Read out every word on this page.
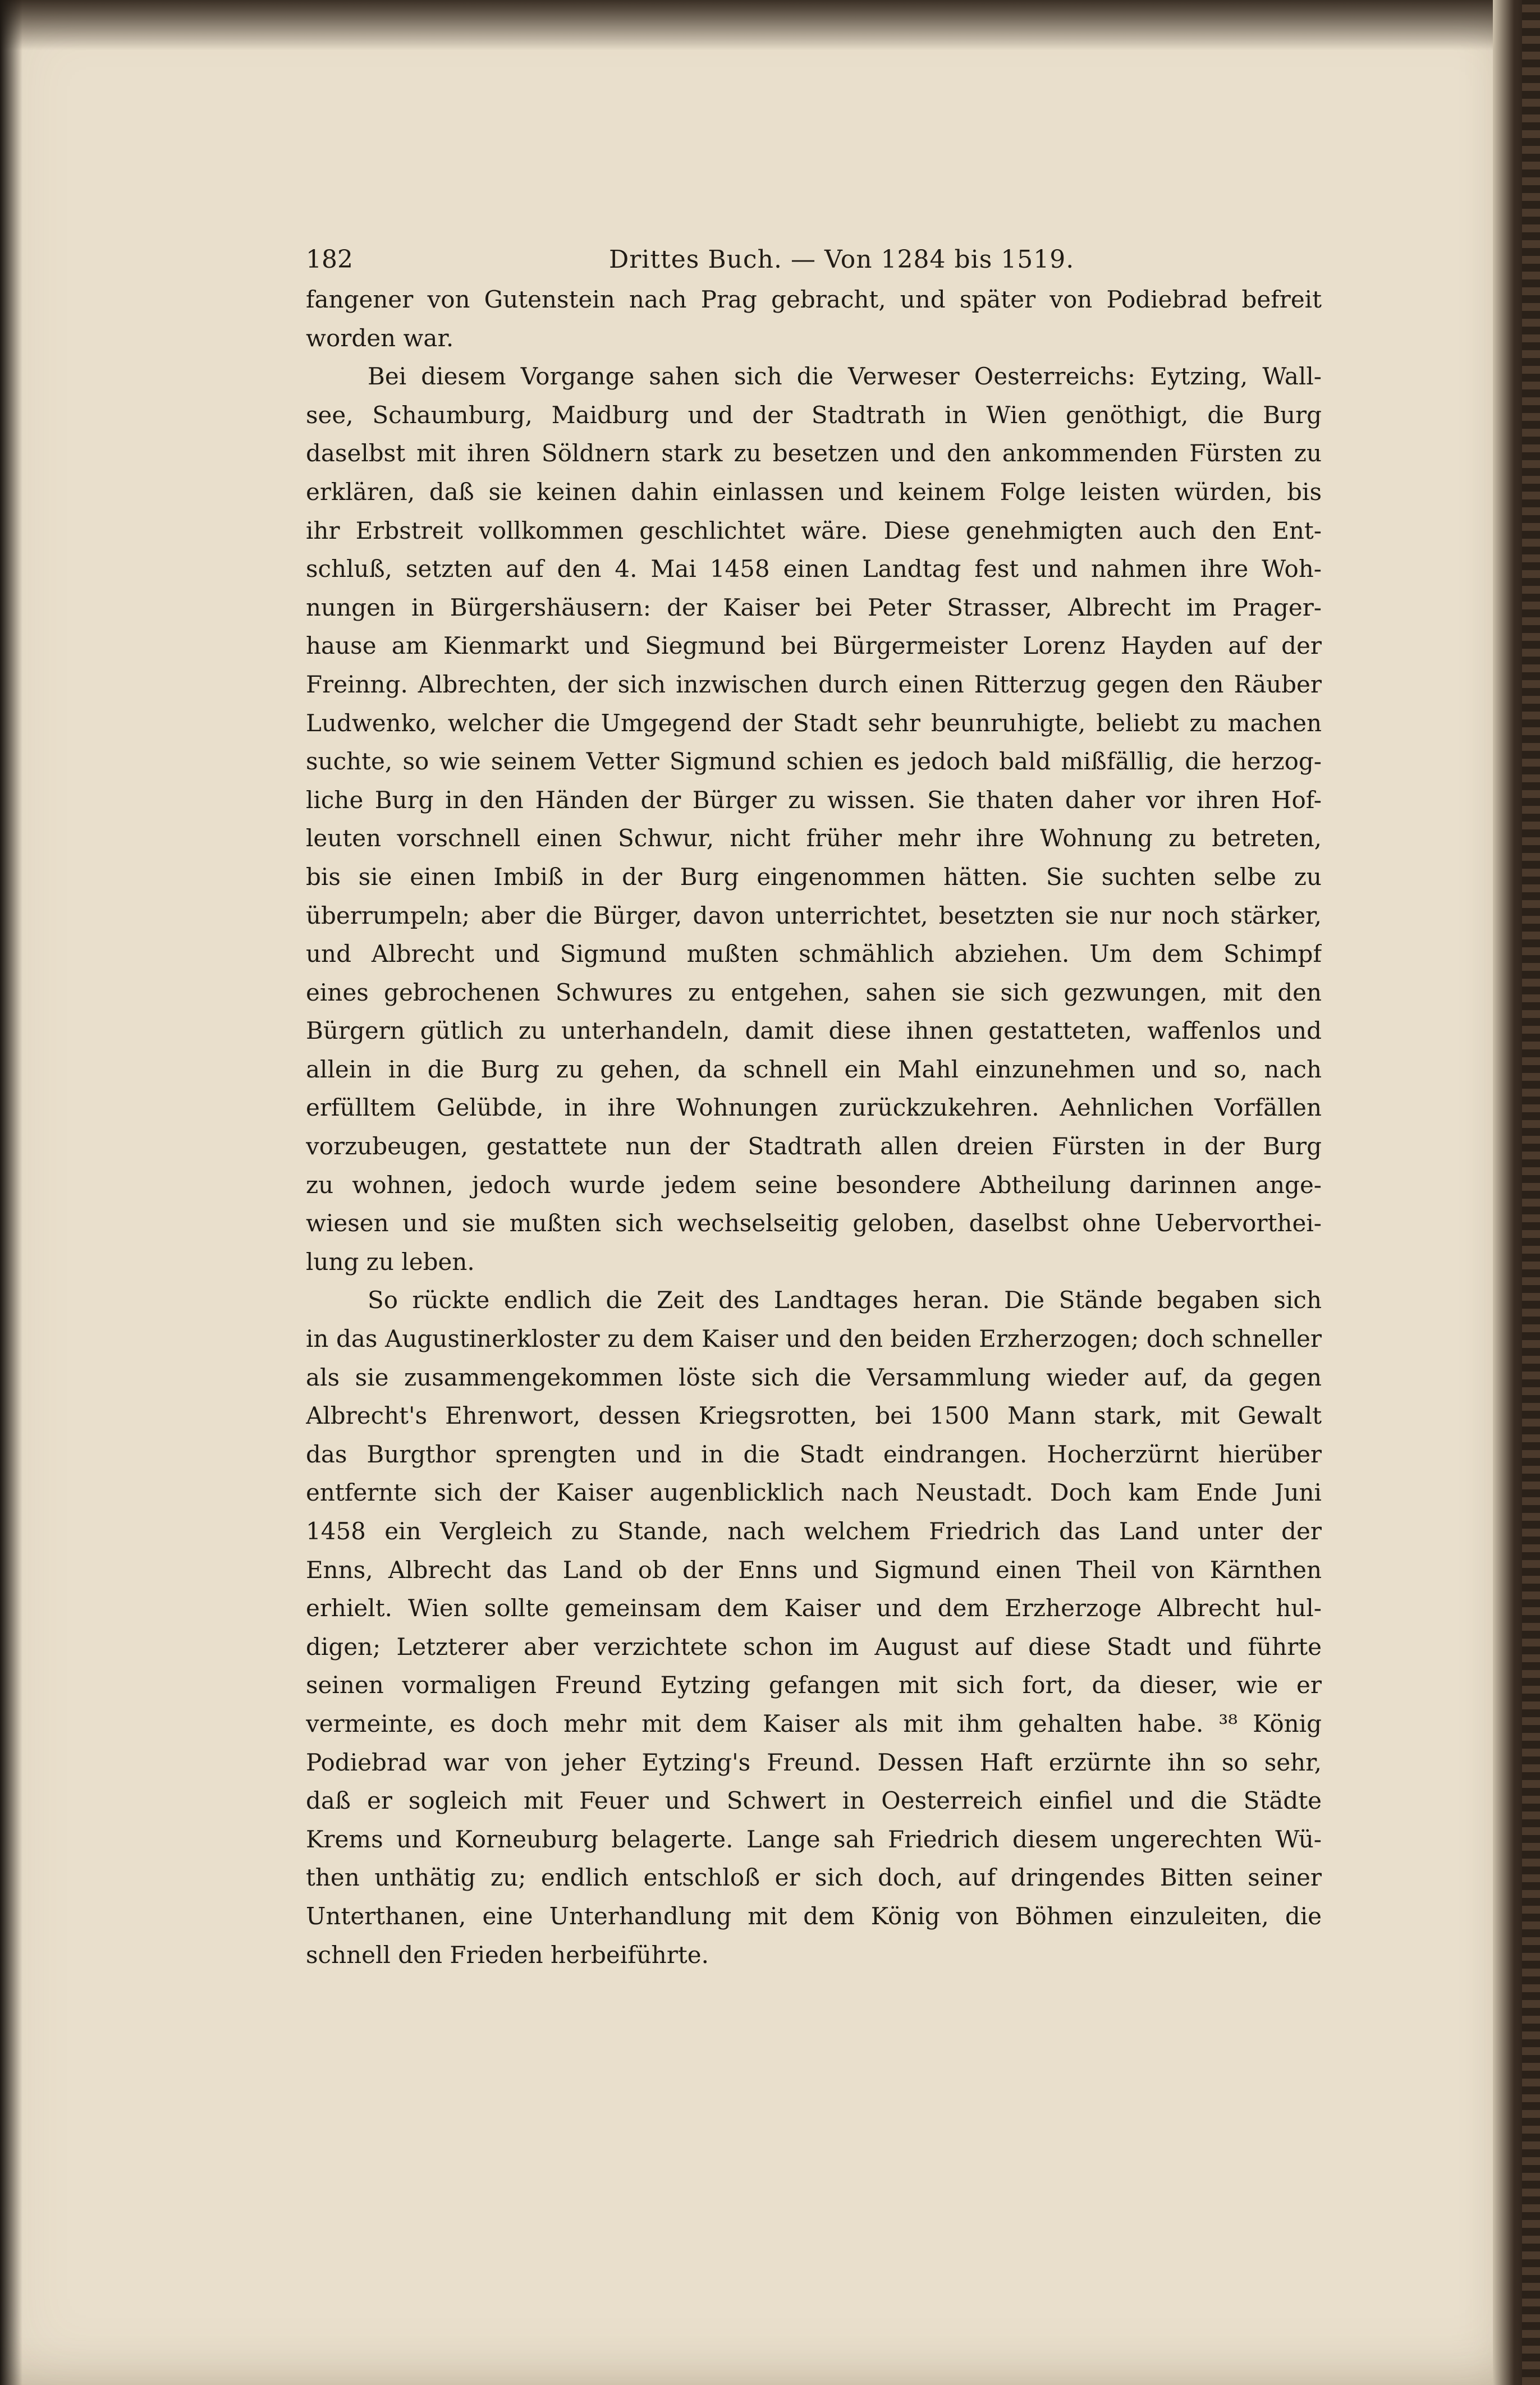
182	Drittes Buch. — Von 1284 bis 1519.
fangener von Gutenstein nach Prag gebracht, und später von Podiebrad befreit
worden war.
Bei diesem Vorgange sahen sich die Verweser Oesterreichs: Eytzing, Wall-
see, Schaumburg, Maidburg und der Stadtrath in Wien genöthigt, die Burg
daselbst mit ihren Söldnern stark zu besetzen und den ankommenden Fürsten zu
erklären, daß sie keinen dahin einlassen und keinem Folge leisten würden, bis
ihr Erbstreit vollkommen geschlichtet wäre. Diese genehmigten auch den Ent-
schluß, setzten auf den 4. Mai 1458 einen Landtag fest und nahmen ihre Woh-
nungen in Bürgershäusern: der Kaiser bei Peter Strasser, Albrecht im Prager-
hause am Kienmarkt und Siegmund bei Bürgermeister Lorenz Hayden auf der
Freinng. Albrechten, der sich inzwischen durch einen Ritterzug gegen den Räuber
Ludwenko, welcher die Umgegend der Stadt sehr beunruhigte, beliebt zu machen
suchte, so wie seinem Vetter Sigmund schien es jedoch bald mißfällig, die herzog-
liche Burg in den Händen der Bürger zu wissen. Sie thaten daher vor ihren Hof-
leuten vorschnell einen Schwur, nicht früher mehr ihre Wohnung zu betreten,
bis sie einen Imbiß in der Burg eingenommen hätten. Sie suchten selbe zu
überrumpeln; aber die Bürger, davon unterrichtet, besetzten sie nur noch stärker,
und Albrecht und Sigmund mußten schmählich abziehen. Um dem Schimpf
eines gebrochenen Schwures zu entgehen, sahen sie sich gezwungen, mit den
Bürgern gütlich zu unterhandeln, damit diese ihnen gestatteten, waffenlos und
allein in die Burg zu gehen, da schnell ein Mahl einzunehmen und so, nach
erfülltem Gelübde, in ihre Wohnungen zurückzukehren. Aehnlichen Vorfällen
vorzubeugen, gestattete nun der Stadtrath allen dreien Fürsten in der Burg
zu wohnen, jedoch wurde jedem seine besondere Abtheilung darinnen ange-
wiesen und sie mußten sich wechselseitig geloben, daselbst ohne Uebervorthei-
lung zu leben.
So rückte endlich die Zeit des Landtages heran. Die Stände begaben sich
in das Augustinerkloster zu dem Kaiser und den beiden Erzherzogen; doch schneller
als sie zusammengekommen löste sich die Versammlung wieder auf, da gegen
Albrecht's Ehrenwort, dessen Kriegsrotten, bei 1500 Mann stark, mit Gewalt
das Burgthor sprengten und in die Stadt eindrangen. Hocherzürnt hierüber
entfernte sich der Kaiser augenblicklich nach Neustadt. Doch kam Ende Juni
1458 ein Vergleich zu Stande, nach welchem Friedrich das Land unter der
Enns, Albrecht das Land ob der Enns und Sigmund einen Theil von Kärnthen
erhielt. Wien sollte gemeinsam dem Kaiser und dem Erzherzoge Albrecht hul-
digen; Letzterer aber verzichtete schon im August auf diese Stadt und führte
seinen vormaligen Freund Eytzing gefangen mit sich fort, da dieser, wie er
vermeinte, es doch mehr mit dem Kaiser als mit ihm gehalten habe. ³⁸ König
Podiebrad war von jeher Eytzing's Freund. Dessen Haft erzürnte ihn so sehr,
daß er sogleich mit Feuer und Schwert in Oesterreich einfiel und die Städte
Krems und Korneuburg belagerte. Lange sah Friedrich diesem ungerechten Wü-
then unthätig zu; endlich entschloß er sich doch, auf dringendes Bitten seiner
Unterthanen, eine Unterhandlung mit dem König von Böhmen einzuleiten, die
schnell den Frieden herbeiführte.
